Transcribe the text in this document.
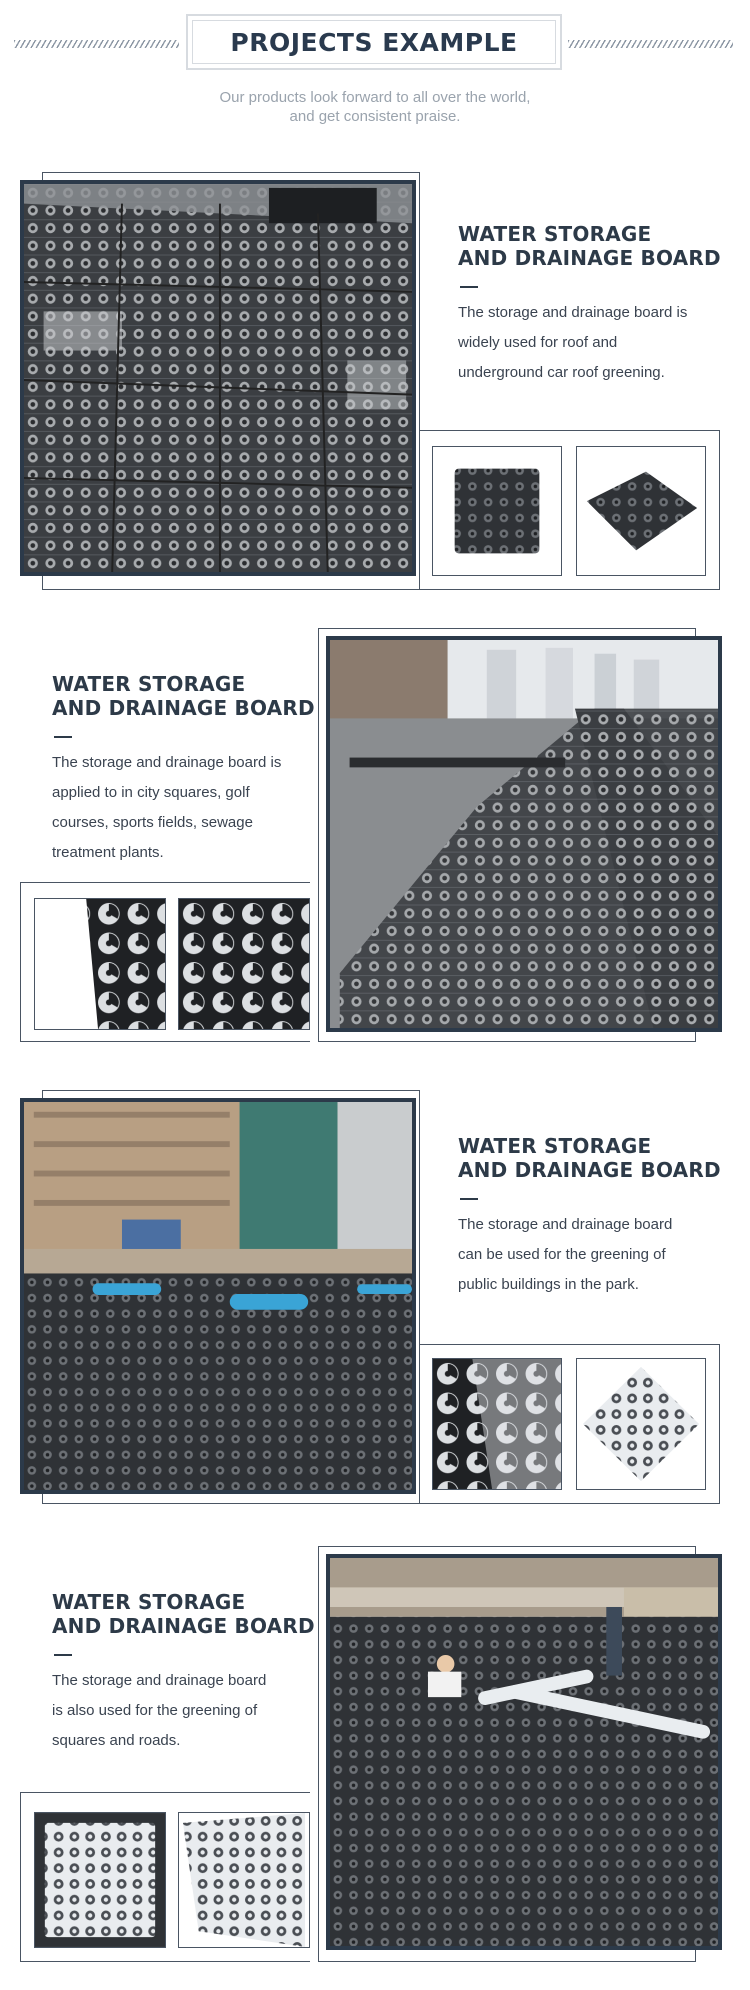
PROJECTS EXAMPLE
Our products look forward to all over the world,
and get consistent praise.
WATER STORAGE
AND DRAINAGE BOARD
The storage and drainage board is
widely used for roof and
underground car roof greening.
WATER STORAGE
AND DRAINAGE BOARD
The storage and drainage board is
applied to in city squares, golf
courses, sports fields, sewage
treatment plants.
WATER STORAGE
AND DRAINAGE BOARD
The storage and drainage board
can be used for the greening of
public buildings in the park.
WATER STORAGE
AND DRAINAGE BOARD
The storage and drainage board
is also used for the greening of
squares and roads.
